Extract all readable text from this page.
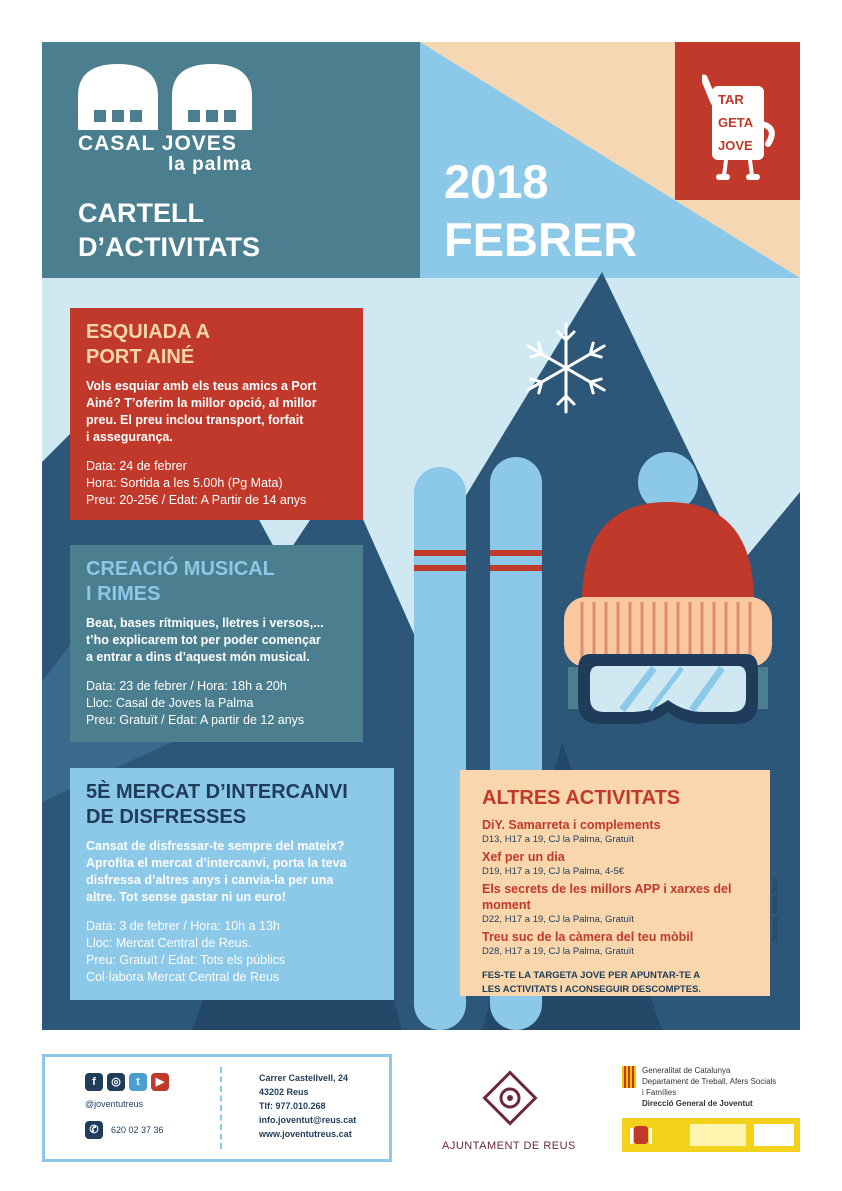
CASAL JOVES
la palma
CARTELL
D’ACTIVITATS
2018
FEBRER
TAR
GETA
JOVE
ESQUIADA A
PORT AINÉ

Vols esquiar amb els teus amics a Port

Ainé? T’oferim la millor opció, al millor

preu. El preu inclou transport, forfait

i assegurança.

Data: 24 de febrer

Hora: Sortida a les 5.00h (Pg Mata)

Preu: 20-25€ / Edat: A Partir de 14 anys

CREACIÓ MUSICAL
I RIMES

Beat, bases rítmiques, lletres i versos,...

t’ho explicarem tot per poder començar

a entrar a dins d’aquest món musical.

Data: 23 de febrer / Hora: 18h a 20h

Lloc: Casal de Joves la Palma

Preu: Gratuït / Edat: A partir de 12 anys

5È MERCAT D’INTERCANVI
DE DISFRESSES

Cansat de disfressar-te sempre del mateix?

Aprofita el mercat d’intercanvi, porta la teva

disfressa d’altres anys i canvia-la per una

altre. Tot sense gastar ni un euro!

Data: 3 de febrer / Hora: 10h a 13h

Lloc: Mercat Central de Reus.

Preu: Gratuït / Edat: Tots els públics

Col·labora Mercat Central de Reus

ALTRES ACTIVITATS

DiY. Samarreta i complements

D13, H17 a 19, CJ la Palma, Gratuït

Xef per un dia

D19, H17 a 19, CJ la Palma, 4-5€

Els secrets de les millors APP i xarxes del moment

D22, H17 a 19, CJ la Palma, Gratuït

Treu suc de la càmera del teu mòbil

D28, H17 a 19, CJ la Palma, Gratuït

FES-TE LA TARGETA JOVE PER APUNTAR-TE A

LES ACTIVITATS I ACONSEGUIR DESCOMPTES.

Disseny: Núria Dans
f	◎	t	▶
@joventutreus
✆	620 02 37 36
Carrer Castellvell, 24
43202 Reus
Tlf: 977.010.268
info.joventut@reus.cat
www.joventutreus.cat
AJUNTAMENT DE REUS
Generalitat de Catalunya
Departament de Treball, Afers Socials
i Famílies
Direcció General de Joventut
